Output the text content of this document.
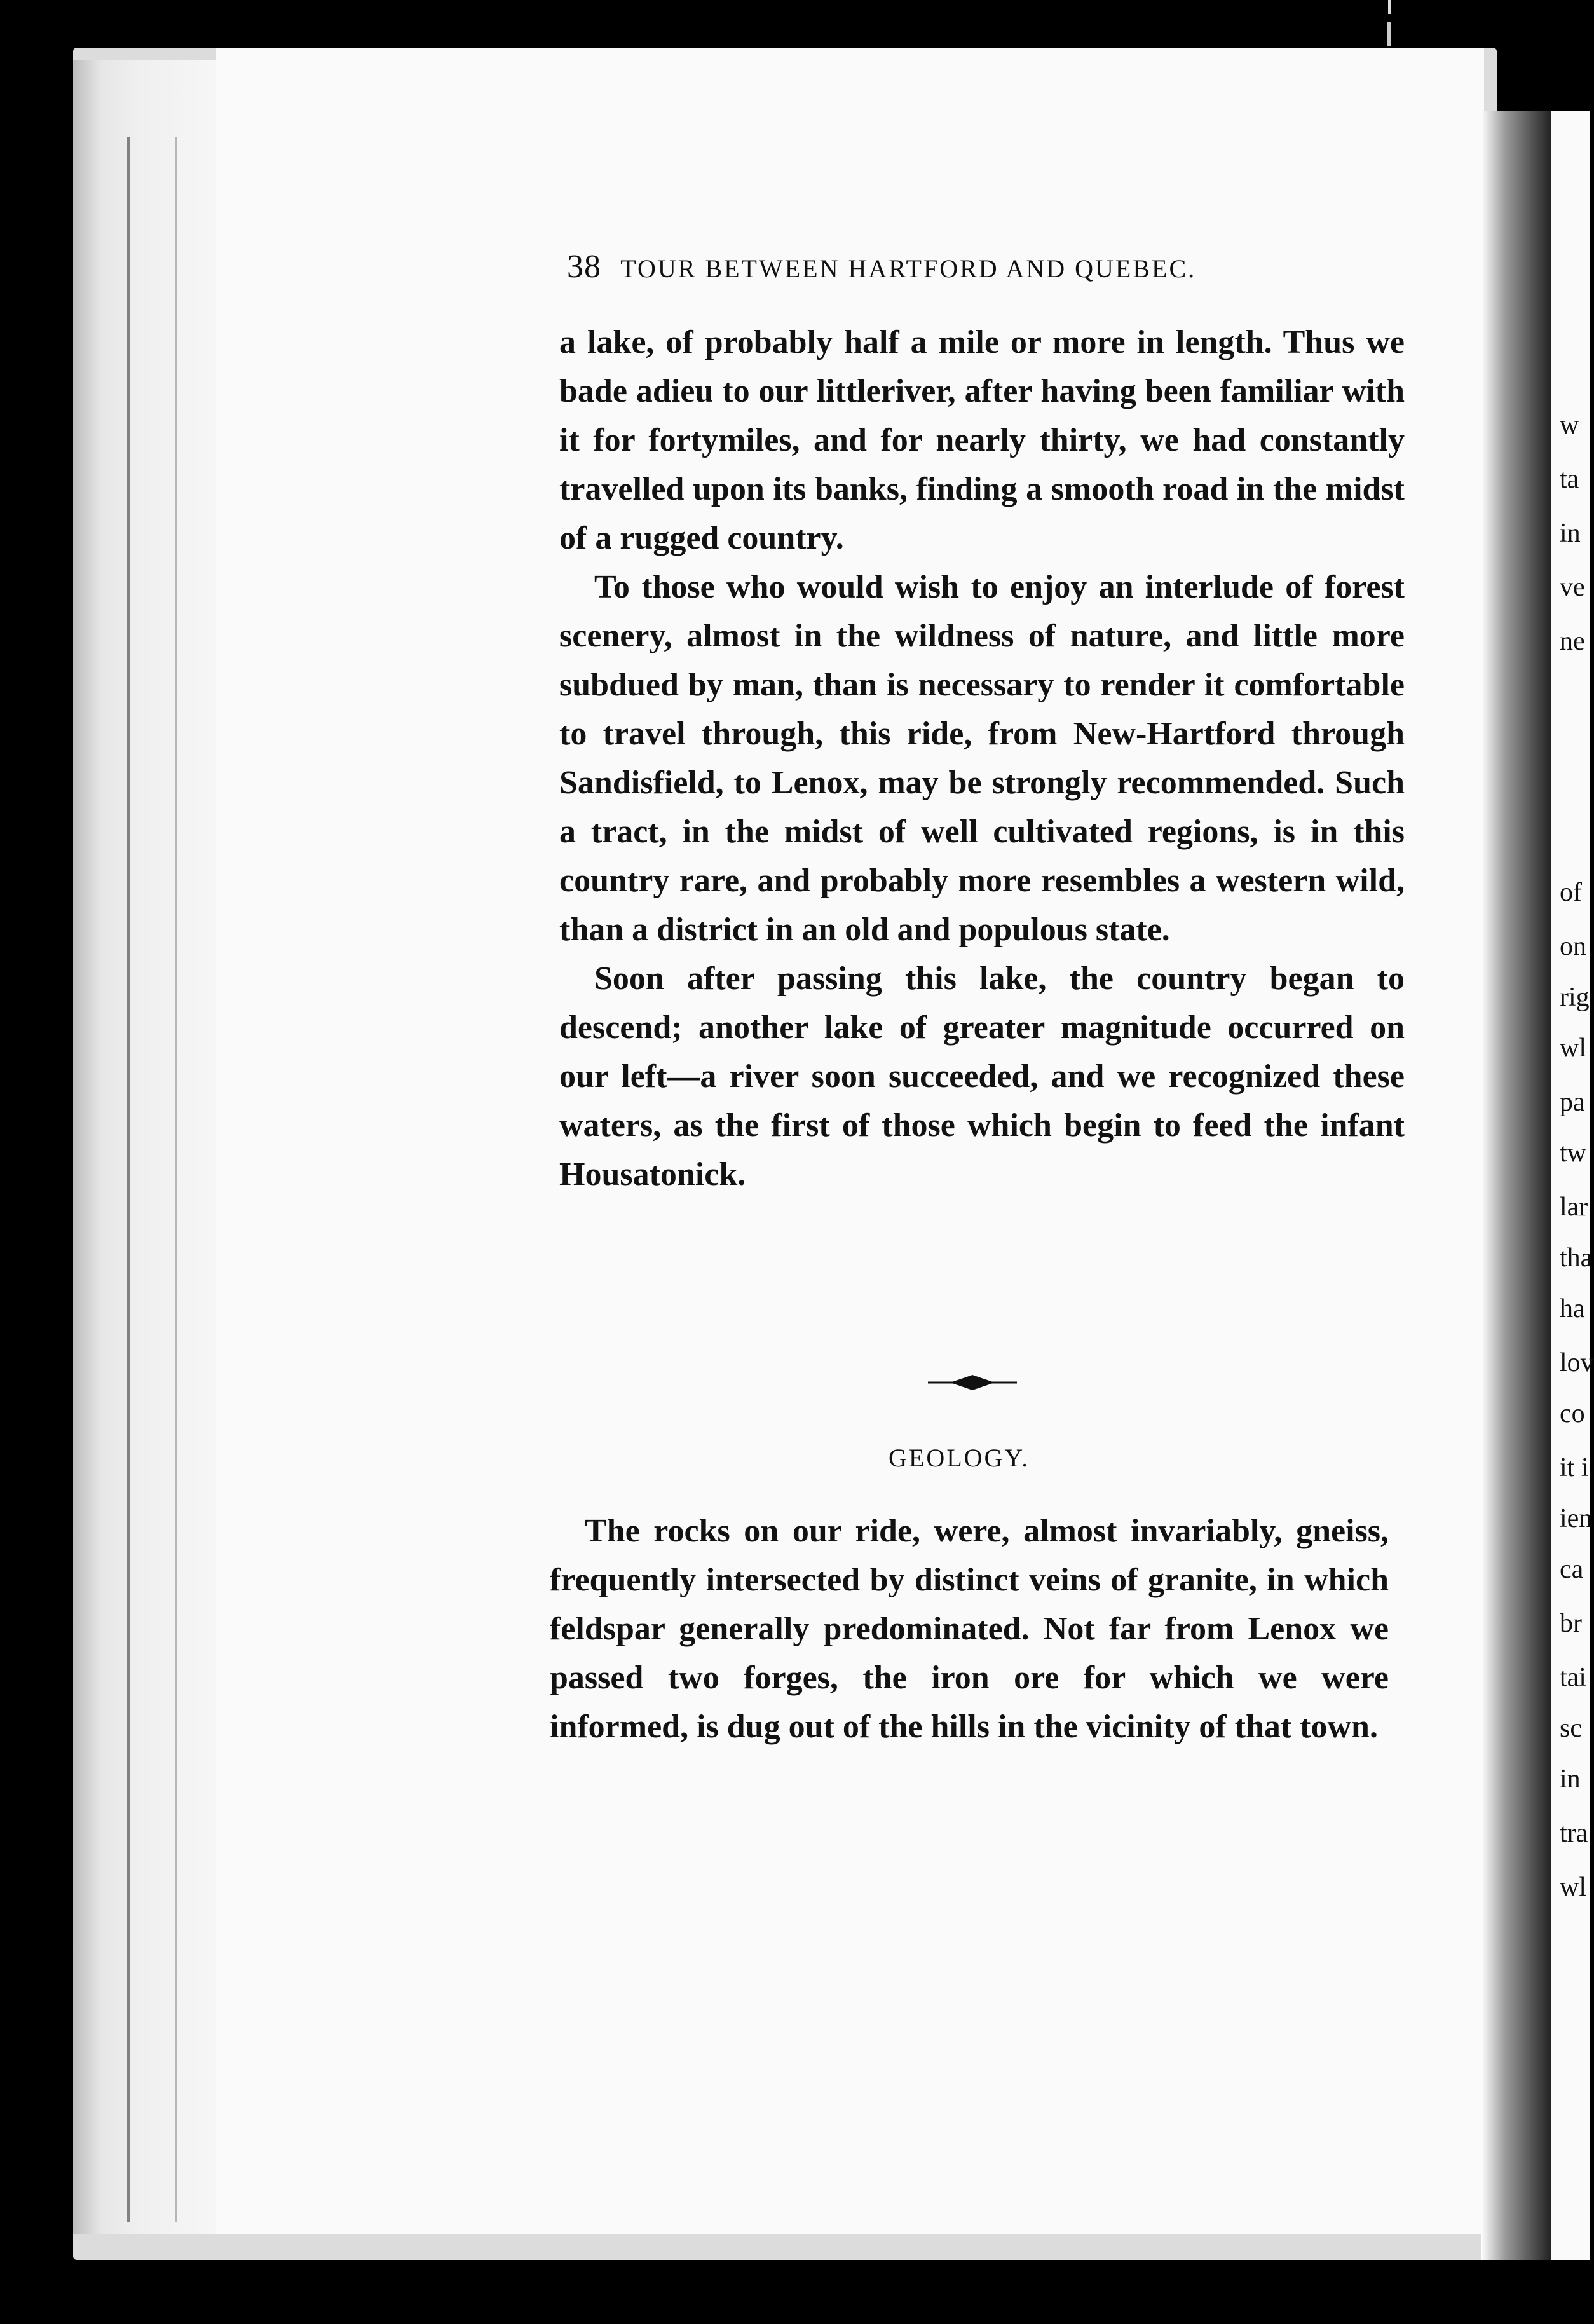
w
ta
in
ve
ne
of
on
rig
wl
pa
tw
lar
tha
ha
lov
co
it i
ien
ca
br
tai
sc
in
tra
wl
38 TOUR BETWEEN HARTFORD AND QUEBEC.

a lake, of probably half a mile or more in length. Thus we bade adieu to our littleriver, after having been familiar with it for fortymiles, and for nearly thirty, we had constantly travelled upon its banks, finding a smooth road in the midst of a rugged country.

To those who would wish to enjoy an interlude of forest scenery, almost in the wildness of nature, and little more subdued by man, than is necessary to render it comfortable to travel through, this ride, from New-Hartford through Sandisfield, to Lenox, may be strongly recommended. Such a tract, in the midst of well cultivated regions, is in this country rare, and probably more resembles a western wild, than a district in an old and populous state.

Soon after passing this lake, the country began to descend; another lake of greater magnitude occurred on our left—a river soon succeeded, and we recognized these waters, as the first of those which begin to feed the infant Housatonick.

GEOLOGY.

The rocks on our ride, were, almost invariably, gneiss, frequently intersected by distinct veins of granite, in which feldspar generally predominated. Not far from Lenox we passed two forges, the iron ore for which we were informed, is dug out of the hills in the vicinity of that town.
